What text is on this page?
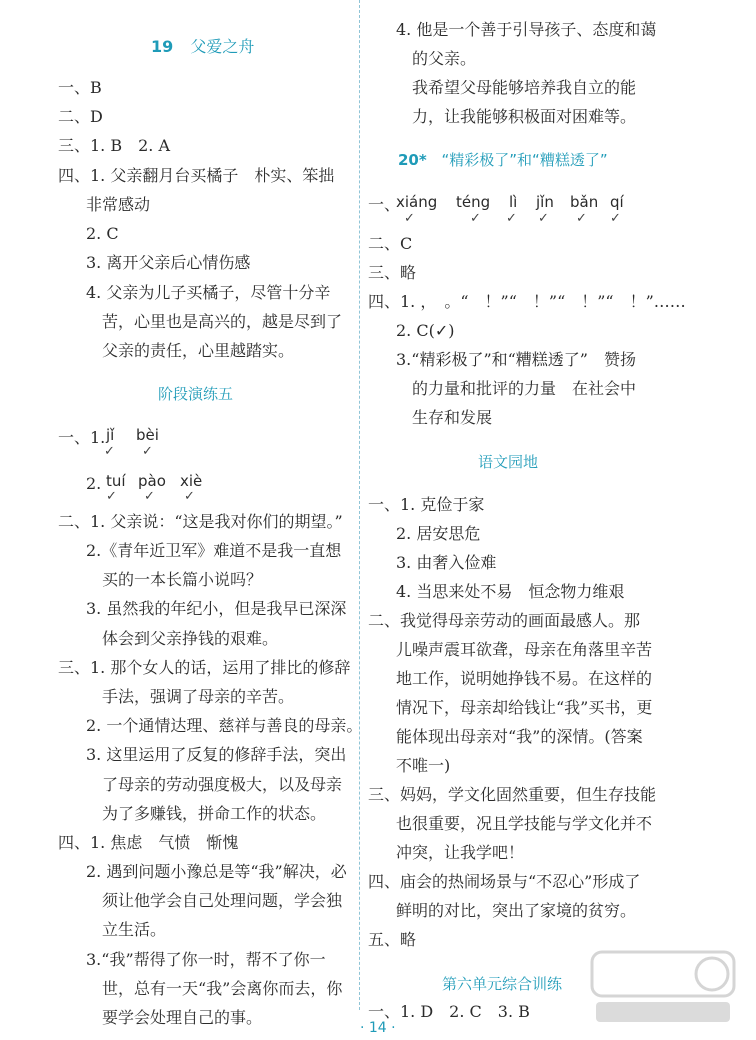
19 父爱之舟
一、B
二、D
三、1. B　2. A
四、1. 父亲翻月台买橘子　朴实、笨拙
非常感动
2. C
3. 离开父亲后心情伤感
4. 父亲为儿子买橘子，尽管十分辛
苦，心里也是高兴的，越是尽到了
父亲的责任，心里越踏实。
阶段演练五
一、1. jǐ bèi
✓ ✓
2. tuí pào xiè
✓ ✓ ✓
二、1. 父亲说：“这是我对你们的期望。”
2.《青年近卫军》难道不是我一直想
买的一本长篇小说吗？
3. 虽然我的年纪小，但是我早已深深
体会到父亲挣钱的艰难。
三、1. 那个女人的话，运用了排比的修辞
手法，强调了母亲的辛苦。
2. 一个通情达理、慈祥与善良的母亲。
3. 这里运用了反复的修辞手法，突出
了母亲的劳动强度极大，以及母亲
为了多赚钱，拼命工作的状态。
四、1. 焦虑　气愤　惭愧
2. 遇到问题小豫总是等“我”解决，必
须让他学会自己处理问题，学会独
立生活。
3.“我”帮得了你一时，帮不了你一
世，总有一天“我”会离你而去，你
要学会处理自己的事。
4. 他是一个善于引导孩子、态度和蔼
的父亲。
我希望父母能够培养我自立的能
力，让我能够积极面对困难等。
20* “精彩极了”和“糟糕透了”
一、
xiáng téng lì jǐn bǎn qí
✓	✓ ✓ ✓ ✓ ✓
二、C
三、略
四、1. ，　。“　！”“　！”“　！”“　！”……
2. C(✓)
3.“精彩极了”和“糟糕透了”　赞扬
的力量和批评的力量　在社会中
生存和发展
语文园地
一、1. 克俭于家
2. 居安思危
3. 由奢入俭难
4. 当思来处不易　恒念物力维艰
二、我觉得母亲劳动的画面最感人。那
儿噪声震耳欲聋，母亲在角落里辛苦
地工作，说明她挣钱不易。在这样的
情况下，母亲却给钱让“我”买书，更
能体现出母亲对“我”的深情。(答案
不唯一)
三、妈妈，学文化固然重要，但生存技能
也很重要，况且学技能与学文化并不
冲突，让我学吧！
四、庙会的热闹场景与“不忍心”形成了
鲜明的对比，突出了家境的贫穷。
五、略
第六单元综合训练
一、1. D　2. C　3. B
· 14 ·
